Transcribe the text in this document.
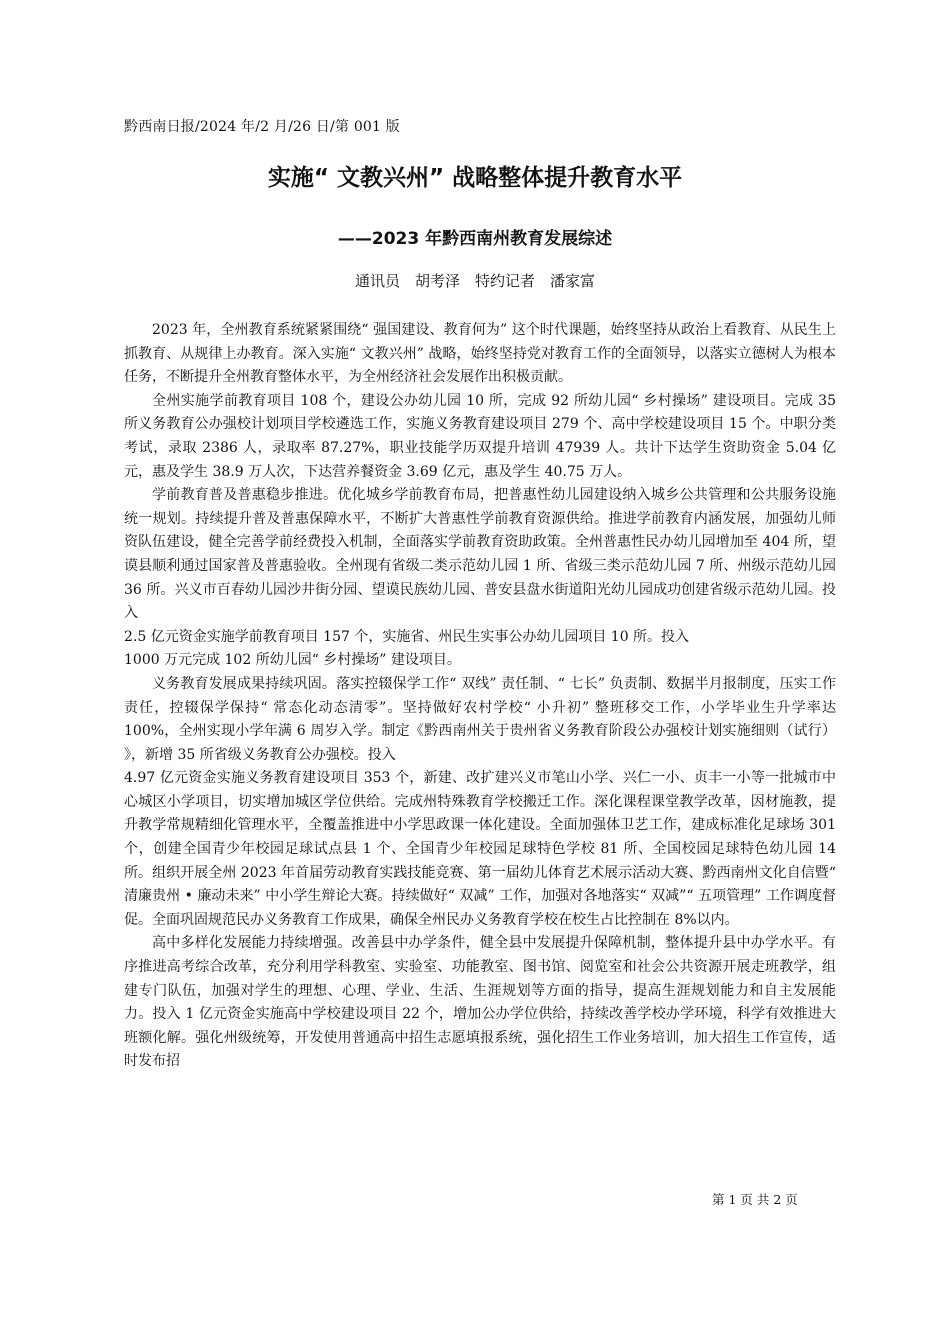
黔西南日报/2024 年/2 月/26 日/第 001 版
实施“ 文教兴州” 战略整体提升教育水平
——2023 年黔西南州教育发展综述
通讯员　胡考泽　特约记者　潘家富

2023 年，全州教育系统紧紧围绕“ 强国建设、教育何为” 这个时代课题，始终坚持从政治上看教育、从民生上抓教育、从规律上办教育。深入实施“ 文教兴州” 战略，始终坚持党对教育工作的全面领导，以落实立德树人为根本任务，不断提升全州教育整体水平，为全州经济社会发展作出积极贡献。

全州实施学前教育项目 108 个，建设公办幼儿园 10 所，完成 92 所幼儿园“ 乡村操场” 建设项目。完成 35 所义务教育公办强校计划项目学校遴选工作，实施义务教育建设项目 279 个、高中学校建设项目 15 个。中职分类考试，录取 2386 人，录取率 87.27%，职业技能学历双提升培训 47939 人。共计下达学生资助资金 5.04 亿元，惠及学生 38.9 万人次，下达营养餐资金 3.69 亿元，惠及学生 40.75 万人。

学前教育普及普惠稳步推进。优化城乡学前教育布局，把普惠性幼儿园建设纳入城乡公共管理和公共服务设施统一规划。持续提升普及普惠保障水平，不断扩大普惠性学前教育资源供给。推进学前教育内涵发展，加强幼儿师资队伍建设，健全完善学前经费投入机制，全面落实学前教育资助政策。全州普惠性民办幼儿园增加至 404 所，望谟县顺利通过国家普及普惠验收。全州现有省级二类示范幼儿园 1 所、省级三类示范幼儿园 7 所、州级示范幼儿园 36 所。兴义市百春幼儿园沙井街分园、望谟民族幼儿园、普安县盘水街道阳光幼儿园成功创建省级示范幼儿园。投入

2.5 亿元资金实施学前教育项目 157 个，实施省、州民生实事公办幼儿园项目 10 所。投入

1000 万元完成 102 所幼儿园“ 乡村操场” 建设项目。

义务教育发展成果持续巩固。落实控辍保学工作“ 双线” 责任制、“ 七长” 负责制、数据半月报制度，压实工作责任，控辍保学保持“ 常态化动态清零”。坚持做好农村学校“ 小升初” 整班移交工作，小学毕业生升学率达 100%，全州实现小学年满 6 周岁入学。制定《黔西南州关于贵州省义务教育阶段公办强校计划实施细则（试行） 》，新增 35 所省级义务教育公办强校。投入

4.97 亿元资金实施义务教育建设项目 353 个，新建、改扩建兴义市笔山小学、兴仁一小、贞丰一小等一批城市中心城区小学项目，切实增加城区学位供给。完成州特殊教育学校搬迁工作。深化课程课堂教学改革，因材施教，提升教学常规精细化管理水平，全覆盖推进中小学思政课一体化建设。全面加强体卫艺工作，建成标准化足球场 301 个，创建全国青少年校园足球试点县 1 个、全国青少年校园足球特色学校 81 所、全国校园足球特色幼儿园 14 所。组织开展全州 2023 年首届劳动教育实践技能竞赛、第一届幼儿体育艺术展示活动大赛、黔西南州文化自信暨“ 清廉贵州 • 廉动未来” 中小学生辩论大赛。持续做好“ 双减” 工作，加强对各地落实“ 双减”“ 五项管理” 工作调度督促。全面巩固规范民办义务教育工作成果，确保全州民办义务教育学校在校生占比控制在 8%以内。

高中多样化发展能力持续增强。改善县中办学条件，健全县中发展提升保障机制，整体提升县中办学水平。有序推进高考综合改革，充分利用学科教室、实验室、功能教室、图书馆、阅览室和社会公共资源开展走班教学，组建专门队伍，加强对学生的理想、心理、学业、生活、生涯规划等方面的指导，提高生涯规划能力和自主发展能力。投入 1 亿元资金实施高中学校建设项目 22 个，增加公办学位供给，持续改善学校办学环境，科学有效推进大班额化解。强化州级统筹，开发使用普通高中招生志愿填报系统，强化招生工作业务培训，加大招生工作宣传，适时发布招

第 1 页 共 2 页
